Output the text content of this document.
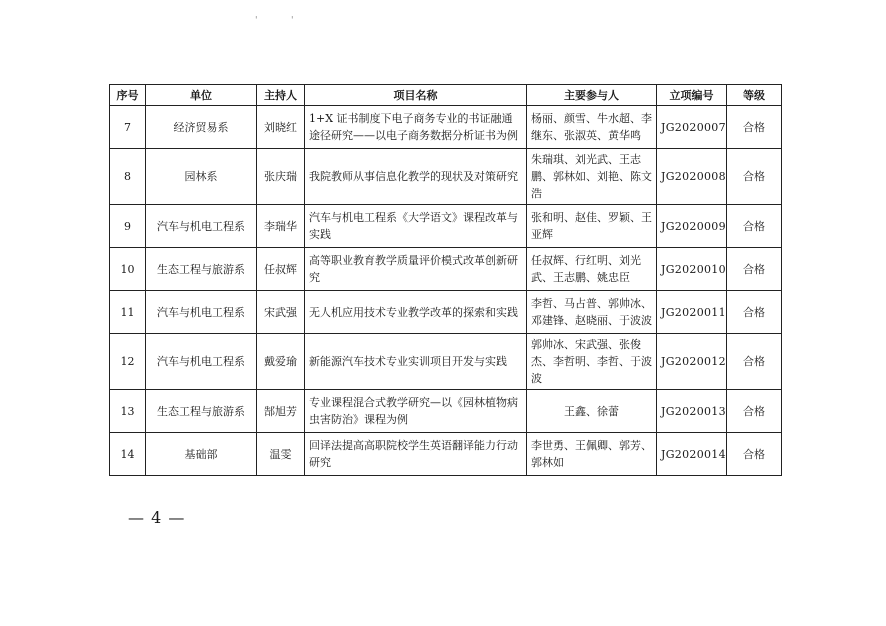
'	'
序号	单位	主持人	项目名称	主要参与人	立项编号	等级
7	经济贸易系	刘晓红	1+X 证书制度下电子商务专业的书证融通途径研究——以电子商务数据分析证书为例	杨丽、颜雪、牛水超、李继东、张淑英、黄华鸣	JG2020007	合格
8	园林系	张庆瑞	我院教师从事信息化教学的现状及对策研究	朱瑞琪、刘光武、王志鹏、郭林如、刘艳、陈文浩	JG2020008	合格
9	汽车与机电工程系	李瑞华	汽车与机电工程系《大学语文》课程改革与实践	张和明、赵佳、罗颖、王亚辉	JG2020009	合格
10	生态工程与旅游系	任叔辉	高等职业教育教学质量评价模式改革创新研究	任叔辉、行红明、刘光武、王志鹏、姚忠臣	JG2020010	合格
11	汽车与机电工程系	宋武强	无人机应用技术专业教学改革的探索和实践	李哲、马占普、郭帅冰、邓建锋、赵晓丽、于波波	JG2020011	合格
12	汽车与机电工程系	戴爱瑜	新能源汽车技术专业实训项目开发与实践	郭帅冰、宋武强、张俊杰、李哲明、李哲、于波波	JG2020012	合格
13	生态工程与旅游系	郜旭芳	专业课程混合式教学研究—以《园林植物病虫害防治》课程为例	王鑫、徐蕾	JG2020013	合格
14	基础部	温雯	回译法提高高职院校学生英语翻译能力行动研究	李世勇、王佩卿、郭芳、郭林如	JG2020014	合格
— 4 —
